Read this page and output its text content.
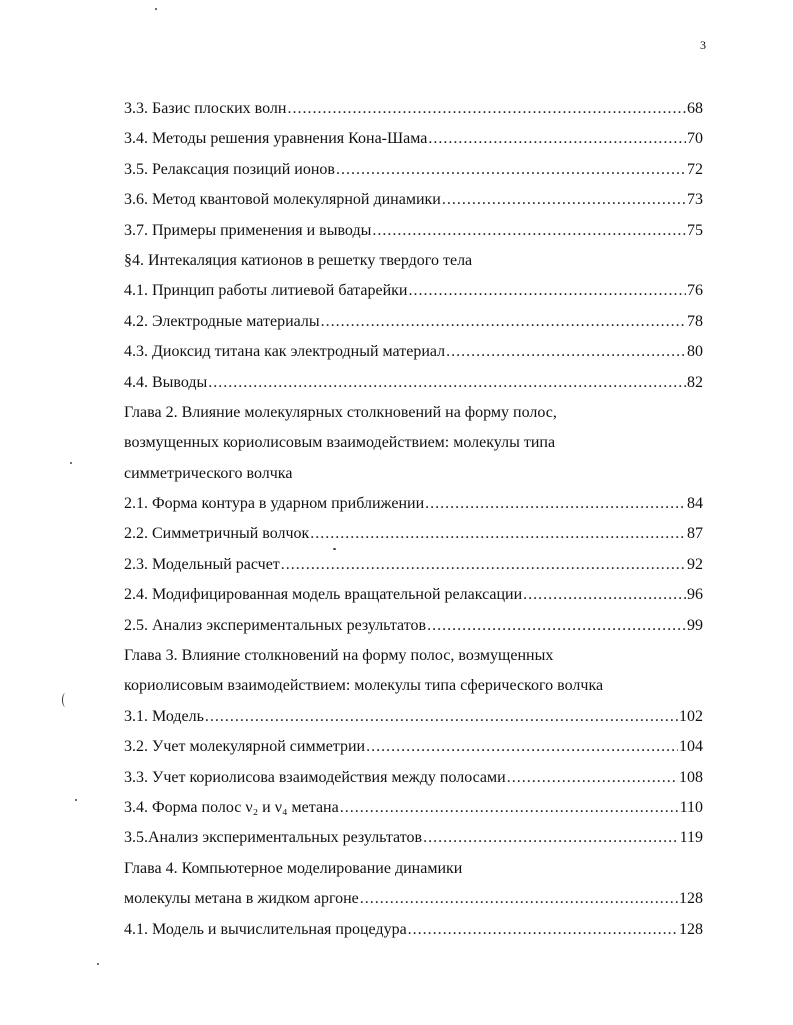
3
3.3. Базис плоских волн .....	68
3.4. Методы решения уравнения Кона-Шама .....	70
3.5. Релаксация позиций ионов .....	72
3.6. Метод квантовой молекулярной динамики .....	73
3.7. Примеры применения и выводы .....	75
§4. Интекаляция катионов в решетку твердого тела
4.1. Принцип работы литиевой батарейки .....	76
4.2. Электродные материалы .....	78
4.3. Диоксид титана как электродный материал .....	80
4.4. Выводы .....	82
Глава 2. Влияние молекулярных столкновений на форму полос,
возмущенных кориолисовым взаимодействием: молекулы типа
симметрического волчка
2.1. Форма контура в ударном приближении .....	84
2.2. Симметричный волчок .....	87
2.3. Модельный расчет .....	92
2.4. Модифицированная модель вращательной релаксации .....	96
2.5. Анализ экспериментальных результатов .....	99
Глава 3. Влияние столкновений на форму полос, возмущенных
кориолисовым взаимодействием: молекулы типа сферического волчка
3.1. Модель .....	102
3.2. Учет молекулярной симметрии .....	104
3.3. Учет кориолисова взаимодействия между полосами .....	108
3.4. Форма полос ν₂ и ν₄ метана .....	110
3.5.Анализ экспериментальных результатов .....	119
Глава 4. Компьютерное моделирование динамики
молекулы метана в жидком аргоне .....	128
4.1. Модель и вычислительная процедура .....	128
